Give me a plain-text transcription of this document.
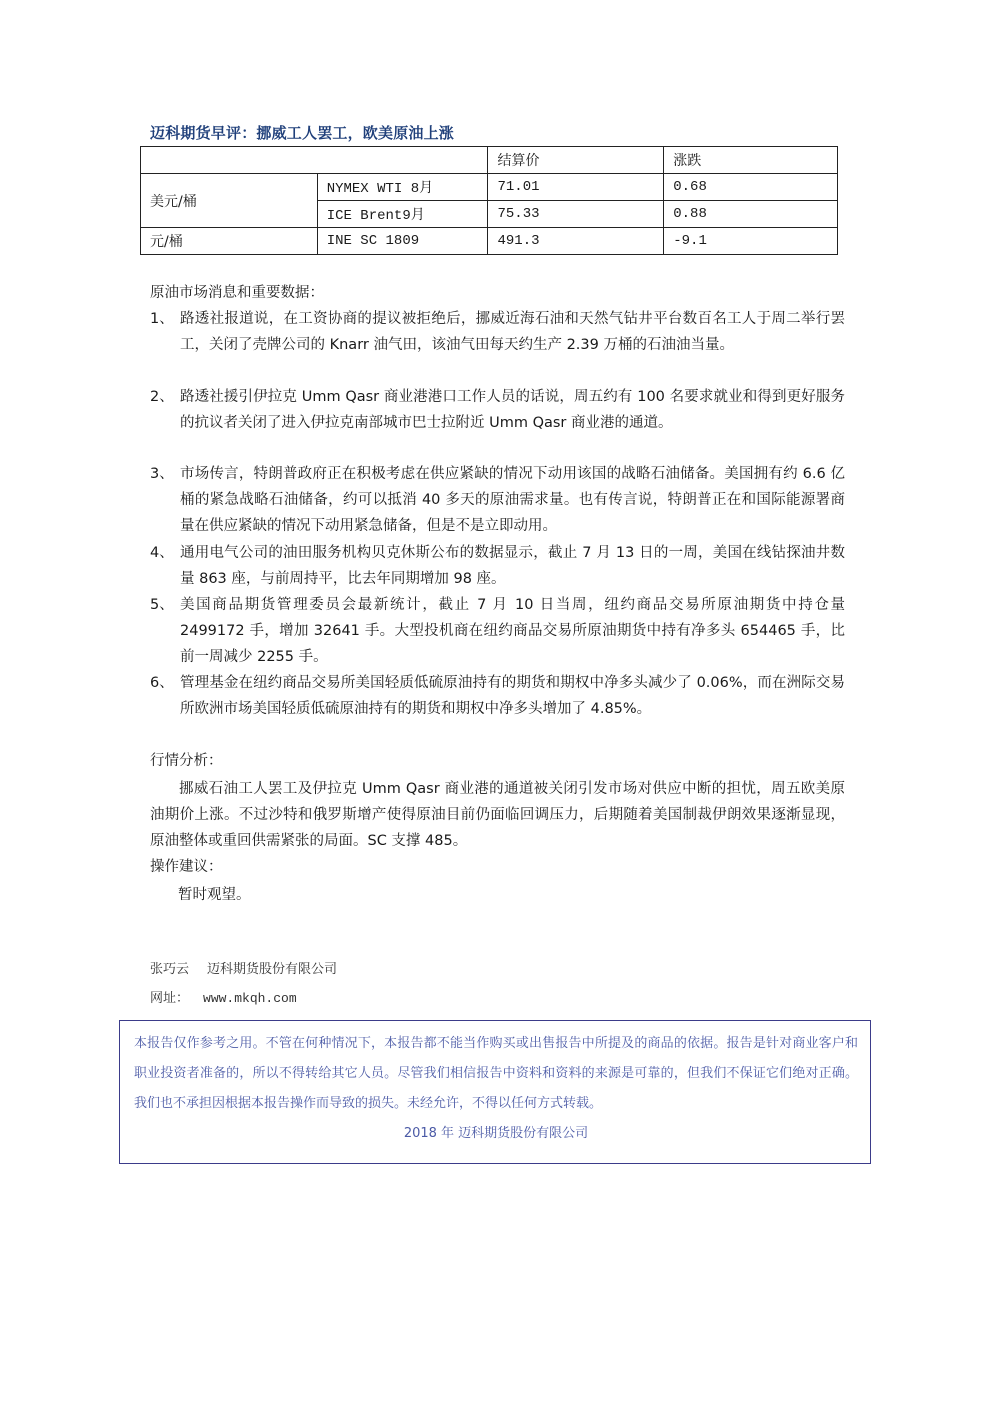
迈科期货早评：挪威工人罢工，欧美原油上涨
		结算价	涨跌
美元/桶	NYMEX WTI 8月	71.01	0.68
	ICE Brent9月	75.33	0.88
元/桶	INE SC 1809	491.3	-9.1
原油市场消息和重要数据：
1、 路透社报道说，在工资协商的提议被拒绝后，挪威近海石油和天然气钻井平台数百名工人于周二举行罢工，关闭了壳牌公司的 Knarr 油气田，该油气田每天约生产 2.39 万桶的石油油当量。
2、 路透社援引伊拉克 Umm Qasr 商业港港口工作人员的话说，周五约有 100 名要求就业和得到更好服务的抗议者关闭了进入伊拉克南部城市巴士拉附近 Umm Qasr 商业港的通道。
3、 市场传言，特朗普政府正在积极考虑在供应紧缺的情况下动用该国的战略石油储备。美国拥有约 6.6 亿桶的紧急战略石油储备，约可以抵消 40 多天的原油需求量。也有传言说，特朗普正在和国际能源署商量在供应紧缺的情况下动用紧急储备，但是不是立即动用。
4、 通用电气公司的油田服务机构贝克休斯公布的数据显示，截止 7 月 13 日的一周，美国在线钻探油井数量 863 座，与前周持平，比去年同期增加 98 座。
5、 美国商品期货管理委员会最新统计，截止 7 月 10 日当周，纽约商品交易所原油期货中持仓量 2499172 手，增加 32641 手。大型投机商在纽约商品交易所原油期货中持有净多头 654465 手，比前一周减少 2255 手。
6、 管理基金在纽约商品交易所美国轻质低硫原油持有的期货和期权中净多头减少了 0.06%，而在洲际交易所欧洲市场美国轻质低硫原油持有的期货和期权中净多头增加了 4.85%。
行情分析：
挪威石油工人罢工及伊拉克 Umm Qasr 商业港的通道被关闭引发市场对供应中断的担忧，周五欧美原油期价上涨。不过沙特和俄罗斯增产使得原油目前仍面临回调压力，后期随着美国制裁伊朗效果逐渐显现，原油整体或重回供需紧张的局面。SC 支撑 485。
操作建议：
暂时观望。
张巧云 迈科期货股份有限公司
网址： www.mkqh.com
本报告仅作参考之用。不管在何种情况下，本报告都不能当作购买或出售报告中所提及的商品的依据。报告是针对商业客户和职业投资者准备的，所以不得转给其它人员。尽管我们相信报告中资料和资料的来源是可靠的，但我们不保证它们绝对正确。我们也不承担因根据本报告操作而导致的损失。未经允许，不得以任何方式转载。
2018 年 迈科期货股份有限公司
